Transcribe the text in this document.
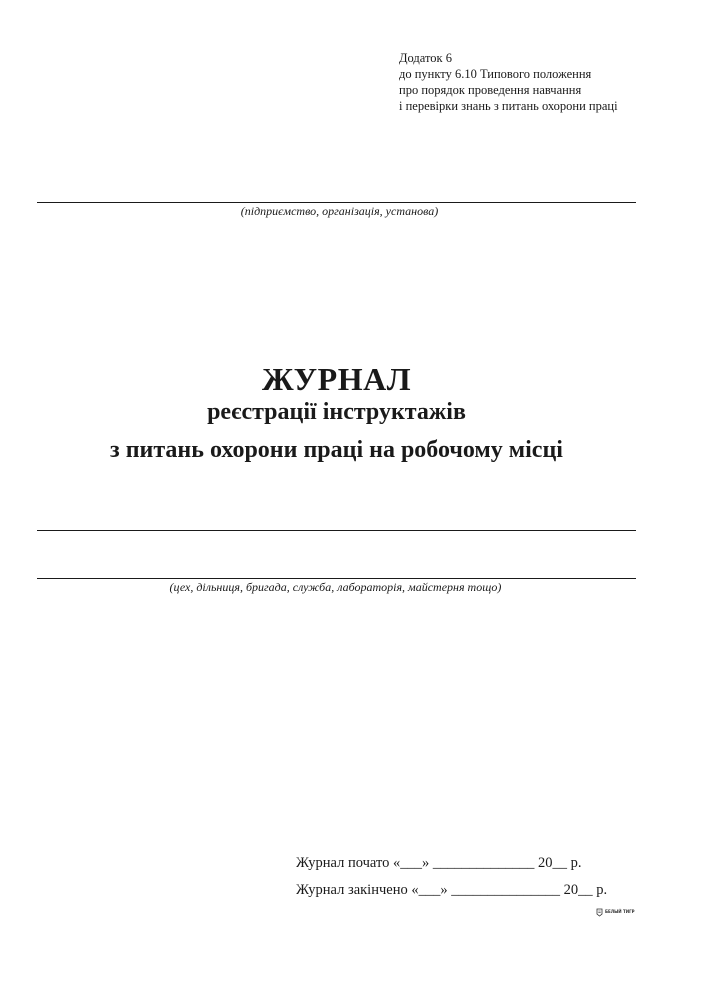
Додаток 6
до пункту 6.10 Типового положення
про порядок проведення навчання
і перевірки знань з питань охорони праці
(підприємство, організація, установа)
ЖУРНАЛ
реєстрації інструктажів
з питань охорони праці на робочому місці
(цех, дільниця, бригада, служба, лабораторія, майстерня тощо)
Журнал почато «___» ______________ 20__ р.
Журнал закінчено «___» _______________ 20__ р.
БЕЛЫЙ ТИГР
